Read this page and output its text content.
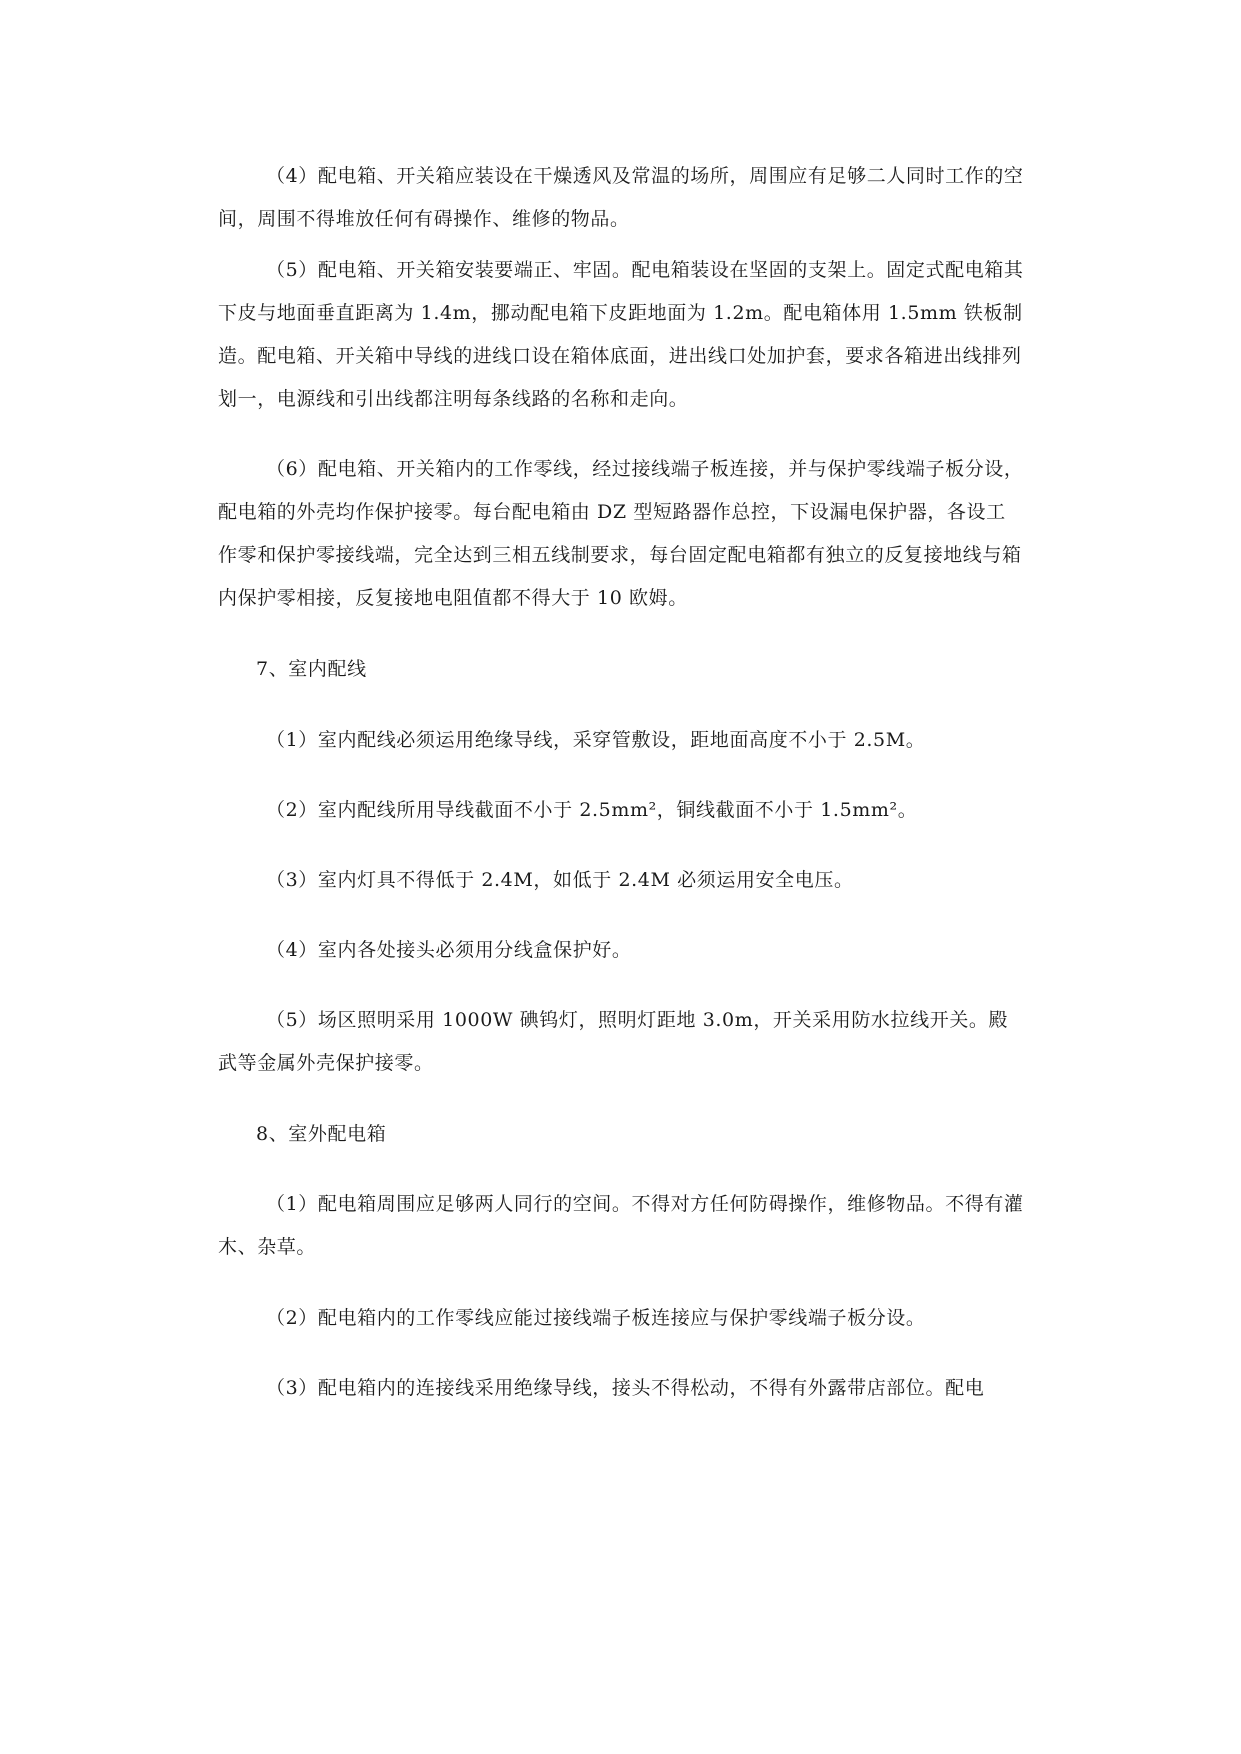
（4）配电箱、开关箱应装设在干燥透风及常温的场所，周围应有足够二人同时工作的空间，周围不得堆放任何有碍操作、维修的物品。

（5）配电箱、开关箱安装要端正、牢固。配电箱装设在坚固的支架上。固定式配电箱其下皮与地面垂直距离为 1.4m，挪动配电箱下皮距地面为 1.2m。配电箱体用 1.5mm 铁板制造。配电箱、开关箱中导线的进线口设在箱体底面，进出线口处加护套，要求各箱进出线排列划一，电源线和引出线都注明每条线路的名称和走向。

（6）配电箱、开关箱内的工作零线，经过接线端子板连接，并与保护零线端子板分设，配电箱的外壳均作保护接零。每台配电箱由 DZ 型短路器作总控，下设漏电保护器，各设工作零和保护零接线端，完全达到三相五线制要求，每台固定配电箱都有独立的反复接地线与箱内保护零相接，反复接地电阻值都不得大于 10 欧姆。

7、室内配线

（1）室内配线必须运用绝缘导线，采穿管敷设，距地面高度不小于 2.5M。

（2）室内配线所用导线截面不小于 2.5mm²，铜线截面不小于 1.5mm²。

（3）室内灯具不得低于 2.4M，如低于 2.4M 必须运用安全电压。

（4）室内各处接头必须用分线盒保护好。

（5）场区照明采用 1000W 碘钨灯，照明灯距地 3.0m，开关采用防水拉线开关。殿武等金属外壳保护接零。

8、室外配电箱

（1）配电箱周围应足够两人同行的空间。不得对方任何防碍操作，维修物品。不得有灌木、杂草。

（2）配电箱内的工作零线应能过接线端子板连接应与保护零线端子板分设。

（3）配电箱内的连接线采用绝缘导线，接头不得松动，不得有外露带店部位。配电
